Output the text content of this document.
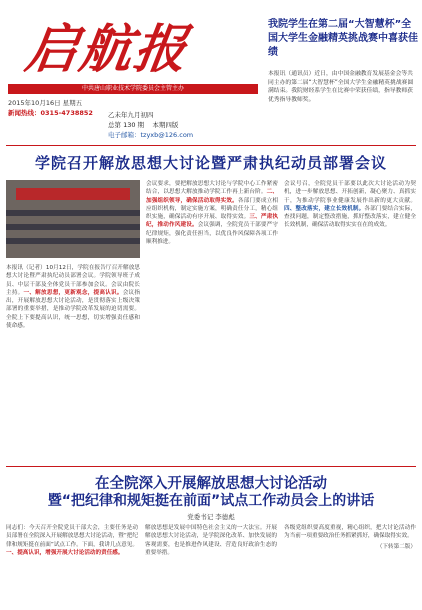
启航报
中共唐山职业技术学院委员会主管主办
2015年10月16日 星期五
新闻热线：0315-4738852	乙未年九月初四
总第 130 期 本期四版
电子邮箱：tzyxb@126.com
我院学生在第二届“大智慧杯”全国大学生金融精英挑战赛中喜获佳绩
本报讯（通讯员）近日，由中国金融教育发展基金会等共同主办的第二届“大智慧杯”全国大学生金融精英挑战赛圆满结束。我院财经系学生在比赛中荣获佳绩，指导教师获优秀指导教师奖。
学院召开解放思想大讨论暨严肃执纪动员部署会议
本报讯（记者）10月12日，学院在报告厅召开解放思想大讨论暨严肃执纪动员部署会议。学院领导班子成员、中层干部及全体党员干部参加会议。会议由院长主持。一、解放思想，更新观念，提高认识。会议指出，开展解放思想大讨论活动，是贯彻落实上级决策部署的重要举措，是推动学院改革发展的迫切需要。全院上下要提高认识，统一思想，切实增强责任感和使命感。
会议要求，要把解放思想大讨论与学院中心工作紧密结合，以思想大解放推动学院工作再上新台阶。二、加强组织领导，确保活动取得实效。各部门要成立相应组织机构，制定实施方案，明确责任分工，精心组织实施，确保活动有序开展、取得实效。三、严肃执纪，推动作风建设。会议强调，全院党员干部要严守纪律规矩，强化责任担当，以优良作风保障各项工作顺利推进。
会议号召，全院党员干部要以此次大讨论活动为契机，进一步解放思想、开拓创新，凝心聚力、真抓实干，为推动学院事业健康发展作出新的更大贡献。四、整改落实，建立长效机制。各部门要结合实际，查找问题，制定整改措施，抓好整改落实，建立健全长效机制，确保活动取得实实在在的成效。
在全院深入开展解放思想大讨论活动
暨“把纪律和规矩挺在前面”试点工作动员会上的讲话
党委书记 李德彪
同志们：今天召开全院党员干部大会，主要任务是动员部署在全院深入开展解放思想大讨论活动，暨“把纪律和规矩挺在前面”试点工作。下面，我讲几点意见。一、提高认识，增强开展大讨论活动的责任感。
解放思想是发展中国特色社会主义的一大法宝。开展解放思想大讨论活动，是学院深化改革、加快发展的客观需要，也是推进作风建设、营造良好政治生态的重要举措。
各级党组织要高度重视，精心组织，把大讨论活动作为当前一项重要政治任务抓紧抓好，确保取得实效。
（下转第二版）
